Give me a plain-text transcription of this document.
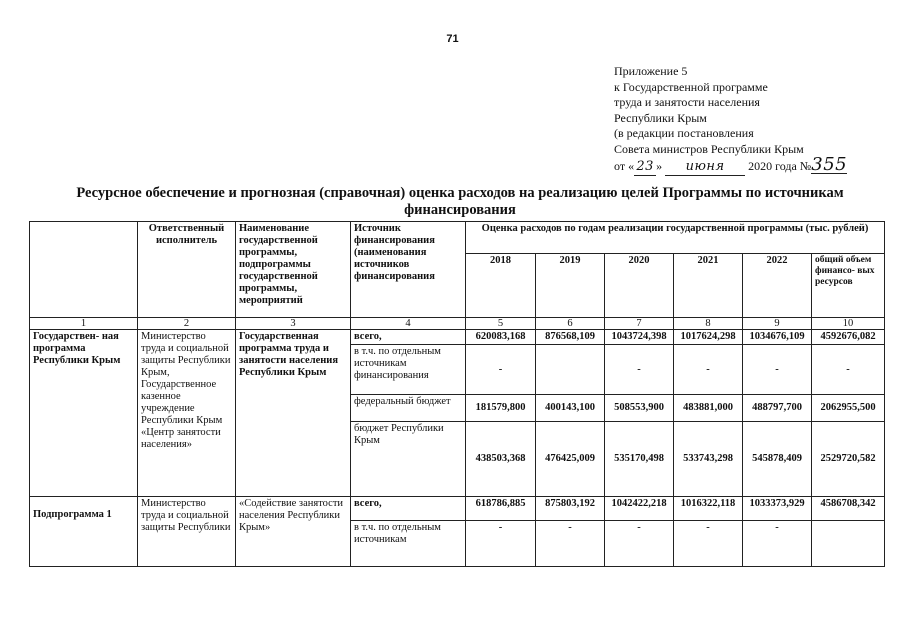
71
Приложение 5
к Государственной программе
труда и занятости населения
Республики Крым
(в редакции постановления
Совета министров Республики Крым
от « 23 » июня 2020 года №355
Ресурсное обеспечение и прогнозная (справочная) оценка расходов на реализацию целей Программы по источникам финансирования
	Ответственный исполнитель	Наименование государственной программы, подпрограммы государственной программы, мероприятий	Источник финансирования (наименования источников финансирования	Оценка расходов по годам реализации государственной программы (тыс. рублей)					
				2018	2019	2020	2021	2022	общий объем финансо- вых ресурсов
1	2	3	4	5	6	7	8	9	10
Государствен- ная программа Республики Крым	Министерство труда и социальной защиты Республики Крым, Государственное казенное учреждение Республики Крым «Центр занятости населения»	Государственная программа труда и занятости населения Республики Крым	всего,	620083,168	876568,109	1043724,398	1017624,298	1034676,109	4592676,082
			в т.ч. по отдельным источникам финансирования	-		-	-	-	-
			федеральный бюджет	181579,800	400143,100	508553,900	483881,000	488797,700	2062955,500
			бюджет Республики Крым	438503,368	476425,009	535170,498	533743,298	545878,409	2529720,582
Подпрограмма 1	Министерство труда и социальной защиты Республики	«Содействие занятости населения Республики Крым»	всего,	618786,885	875803,192	1042422,218	1016322,118	1033373,929	4586708,342
			в т.ч. по отдельным источникам	-	-	-	-	-	
